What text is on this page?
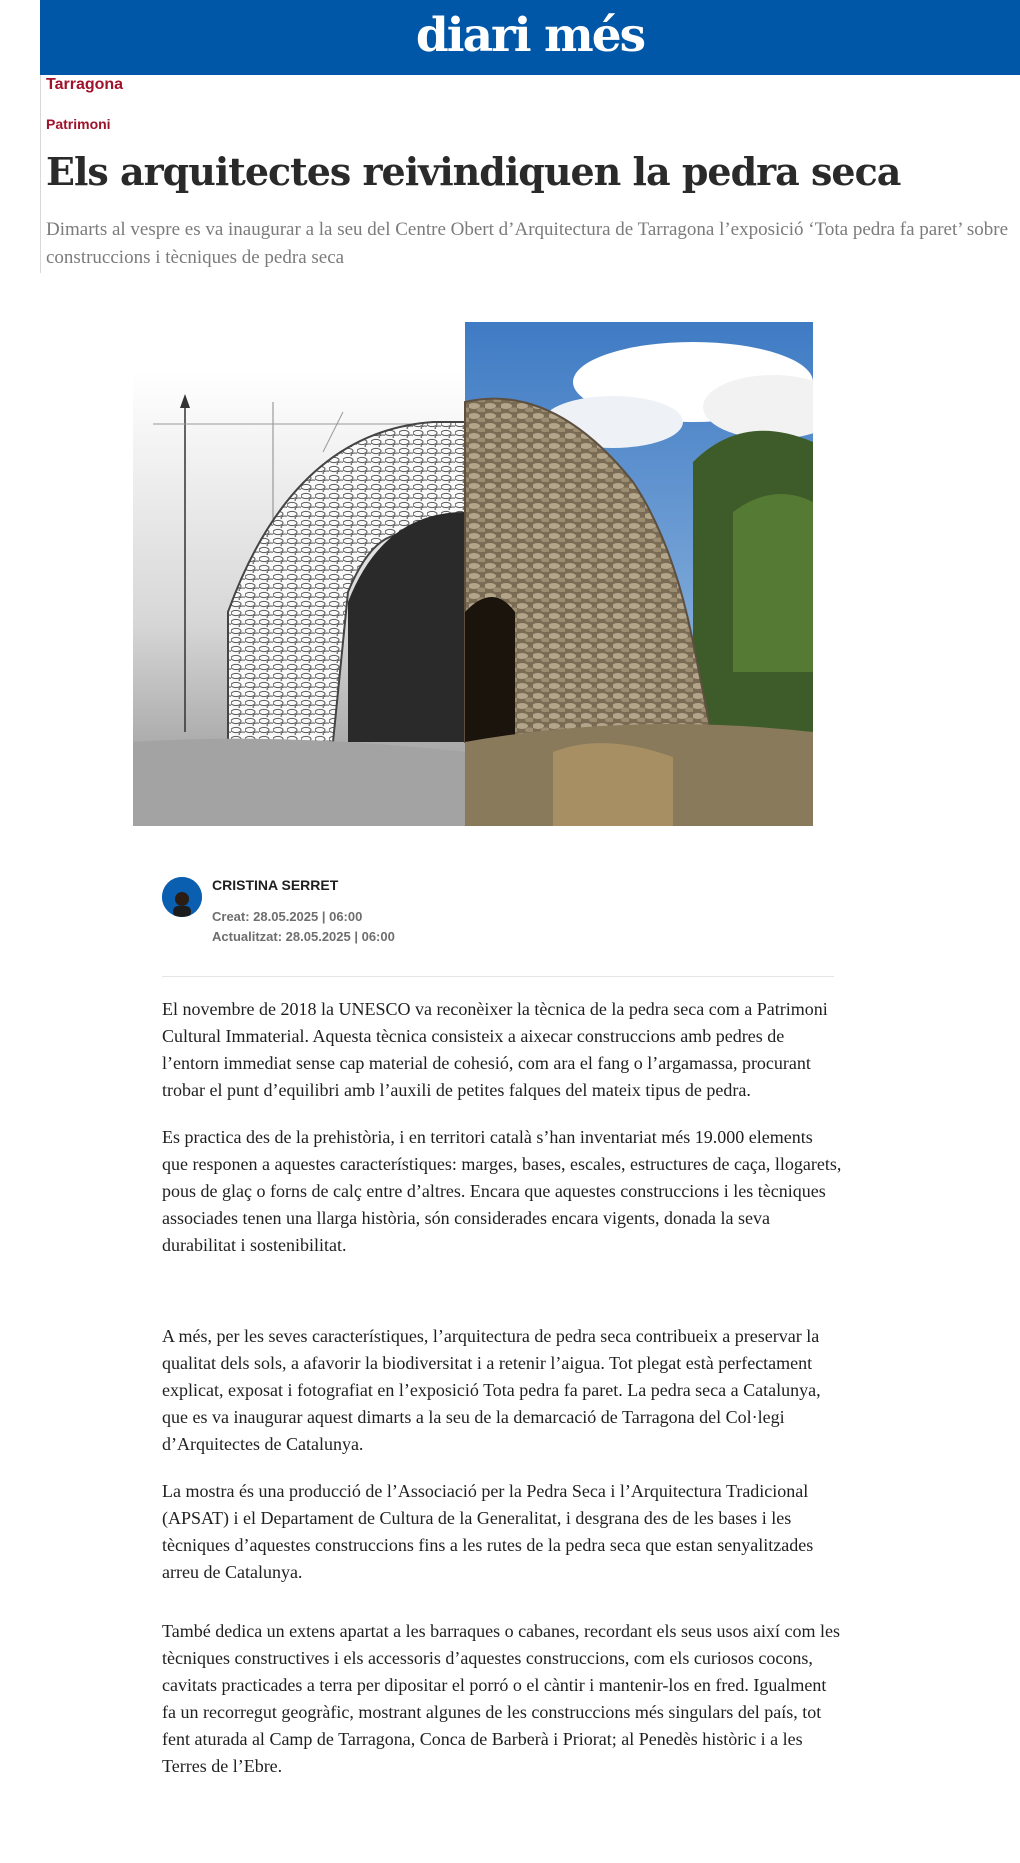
diari més
Tarragona
Patrimoni
Els arquitectes reivindiquen la pedra seca

Dimarts al vespre es va inaugurar a la seu del Centre Obert d’Arquitectura de Tarragona l’exposició ‘Tota pedra fa paret’ sobre construccions i tècniques de pedra seca

CRISTINA SERRET
Creat: 28.05.2025 | 06:00
Actualitzat: 28.05.2025 | 06:00

El novembre de 2018 la UNESCO va reconèixer la tècnica de la pedra seca com a Patrimoni Cultural Immaterial. Aquesta tècnica consisteix a aixecar construccions amb pedres de l’entorn immediat sense cap material de cohesió, com ara el fang o l’argamassa, procurant trobar el punt d’equilibri amb l’auxili de petites falques del mateix tipus de pedra.

Es practica des de la prehistòria, i en territori català s’han inventariat més 19.000 elements que responen a aquestes característiques: marges, bases, escales, estructures de caça, llogarets, pous de glaç o forns de calç entre d’altres. Encara que aquestes construccions i les tècniques associades tenen una llarga història, són considerades encara vigents, donada la seva durabilitat i sostenibilitat.

A més, per les seves característiques, l’arquitectura de pedra seca contribueix a preservar la qualitat dels sols, a afavorir la biodiversitat i a retenir l’aigua. Tot plegat està perfectament explicat, exposat i fotografiat en l’exposició Tota pedra fa paret. La pedra seca a Catalunya, que es va inaugurar aquest dimarts a la seu de la demarcació de Tarragona del Col·legi d’Arquitectes de Catalunya.

La mostra és una producció de l’Associació per la Pedra Seca i l’Arquitectura Tradicional (APSAT) i el Departament de Cultura de la Generalitat, i desgrana des de les bases i les tècniques d’aquestes construccions fins a les rutes de la pedra seca que estan senyalitzades arreu de Catalunya.

També dedica un extens apartat a les barraques o cabanes, recordant els seus usos així com les tècniques constructives i els accessoris d’aquestes construccions, com els curiosos cocons, cavitats practicades a terra per dipositar el porró o el càntir i mantenir-los en fred. Igualment fa un recorregut geogràfic, mostrant algunes de les construccions més singulars del país, tot fent aturada al Camp de Tarragona, Conca de Barberà i Priorat; al Penedès històric i a les Terres de l’Ebre.
